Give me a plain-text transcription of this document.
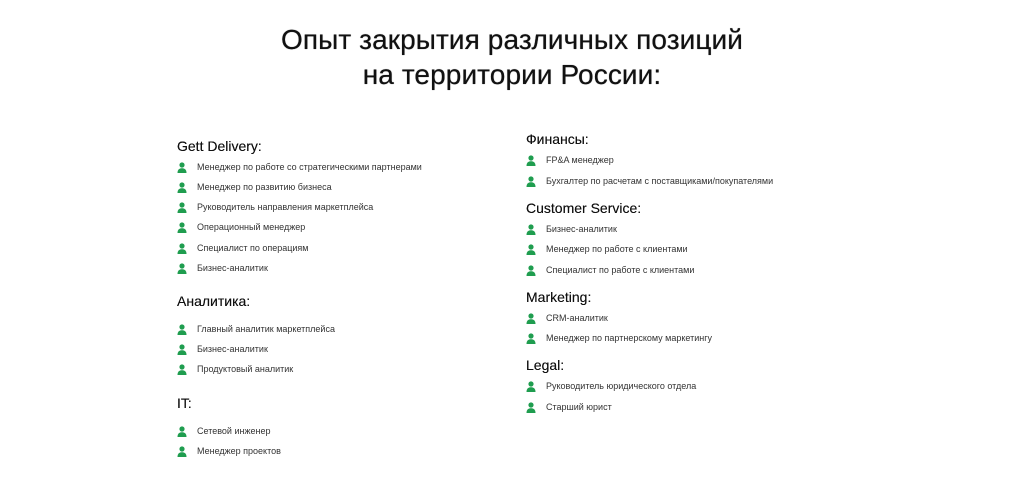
Опыт закрытия различных позиций
на территории России:
Gett Delivery:
Менеджер по работе со стратегическими партнерами
Менеджер по развитию бизнеса
Руководитель направления маркетплейса
Операционный менеджер
Специалист по операциям
Бизнес-аналитик
Аналитика:
Главный аналитик маркетплейса
Бизнес-аналитик
Продуктовый аналитик
IT:
Сетевой инженер
Менеджер проектов
Финансы:
FP&A менеджер
Бухгалтер по расчетам с поставщиками/покупателями
Customer Service:
Бизнес-аналитик
Менеджер по работе с клиентами
Специалист по работе с клиентами
Marketing:
CRM-аналитик
Менеджер по партнерскому маркетингу
Legal:
Руководитель юридического отдела
Старший юрист
